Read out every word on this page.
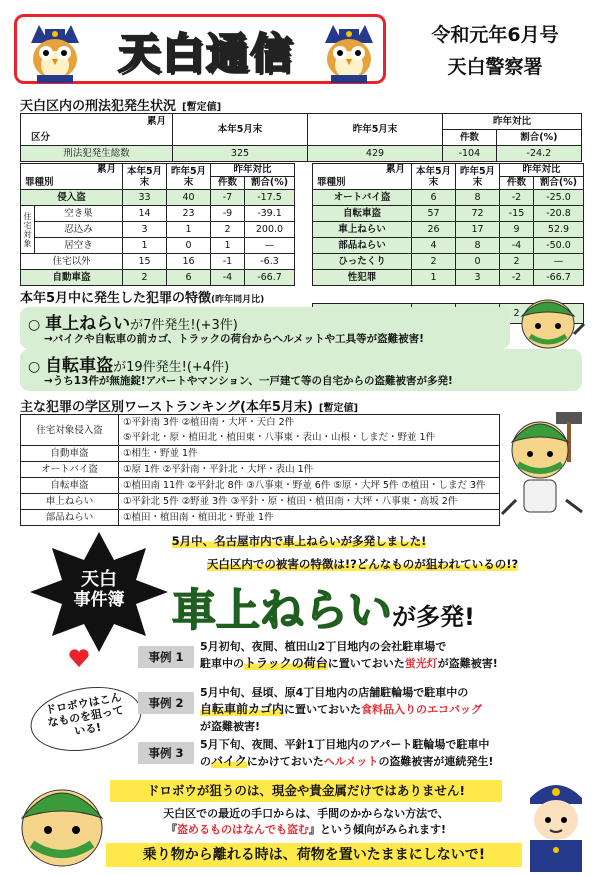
天白通信	令和元年6月号
天白警察署
天白区内の刑法犯発生状況 [暫定値]
累月	本年5月末	昨年5月末	昨年対比	
区分			件数	割合(%)
刑法犯発生総数	325	429	-104	-24.2
累月		本年5月末	昨年5月末	昨年対比	
罪種別				件数	割合(%)
侵入盗		33	40	-7	-17.5
住宅対象	空き巣	14	23	-9	-39.1
	忍込み	3	1	2	200.0
	居空き	1	0	1	—
住宅以外		15	16	-1	-6.3
自動車盗		2	6	-4	-66.7
累月	本年5月末	昨年5月末	昨年対比	
罪種別			件数	割合(%)
オートバイ盗	6	8	-2	-25.0
自転車盗	57	72	-15	-20.8
車上ねらい	26	17	9	52.9
部品ねらい	4	8	-4	-50.0
ひったくり	2	0	2	—
性犯罪	1	3	-2	-66.7
			2	
本年5月中に発生した犯罪の特徴(昨年同月比)
○ 車上ねらいが7件発生!(+3件)
→バイクや自転車の前カゴ、トラックの荷台からヘルメットや工具等が盗難被害!
○ 自転車盗が19件発生!(+4件)
→うち13件が無施錠!アパートやマンション、一戸建て等の自宅からの盗難被害が多発!
主な犯罪の学区別ワーストランキング(本年5月末) [暫定値]
住宅対象侵入盗	①平針南 3件 ②植田南・大坪・天白 2件
	⑤平針北・原・植田北・植田東・八事東・表山・山根・しまだ・野並 1件
自動車盗	①相生・野並 1件
オートバイ盗	①原 1件 ②平針南・平針北・大坪・表山 1件
自転車盗	①植田南 11件 ②平針北 8件 ③八事東・野並 6件 ⑤原・大坪 5件 ⑦植田・しまだ 3件
車上ねらい	①平針北 5件 ②野並 3件 ③平針・原・植田・植田南・大坪・八事東・高坂 2件
部品ねらい	①植田・植田南・植田北・野並 1件
5月中、名古屋市内で車上ねらいが多発しました!
天白区内での被害の特徴は!?どんなものが狙われているの!?
天白
事件簿	車上ねらいが多発!
ドロボウはこんなものを狙っている!
事例 1
5月初旬、夜間、植田山2丁目地内の会社駐車場で
駐車中のトラックの荷台に置いておいた蛍光灯が盗難被害!
事例 2
5月中旬、昼頃、原4丁目地内の店舗駐輪場で駐車中の
自転車前カゴ内に置いておいた食料品入りのエコバッグ
が盗難被害!
事例 3
5月下旬、夜間、平針1丁目地内のアパート駐輪場で駐車中
のバイクにかけておいたヘルメットの盗難被害が連続発生!
ドロボウが狙うのは、現金や貴金属だけではありません!
天白区での最近の手口からは、手間のかからない方法で、
『盗めるものはなんでも盗む』という傾向がみられます!
乗り物から離れる時は、荷物を置いたままにしないで!
